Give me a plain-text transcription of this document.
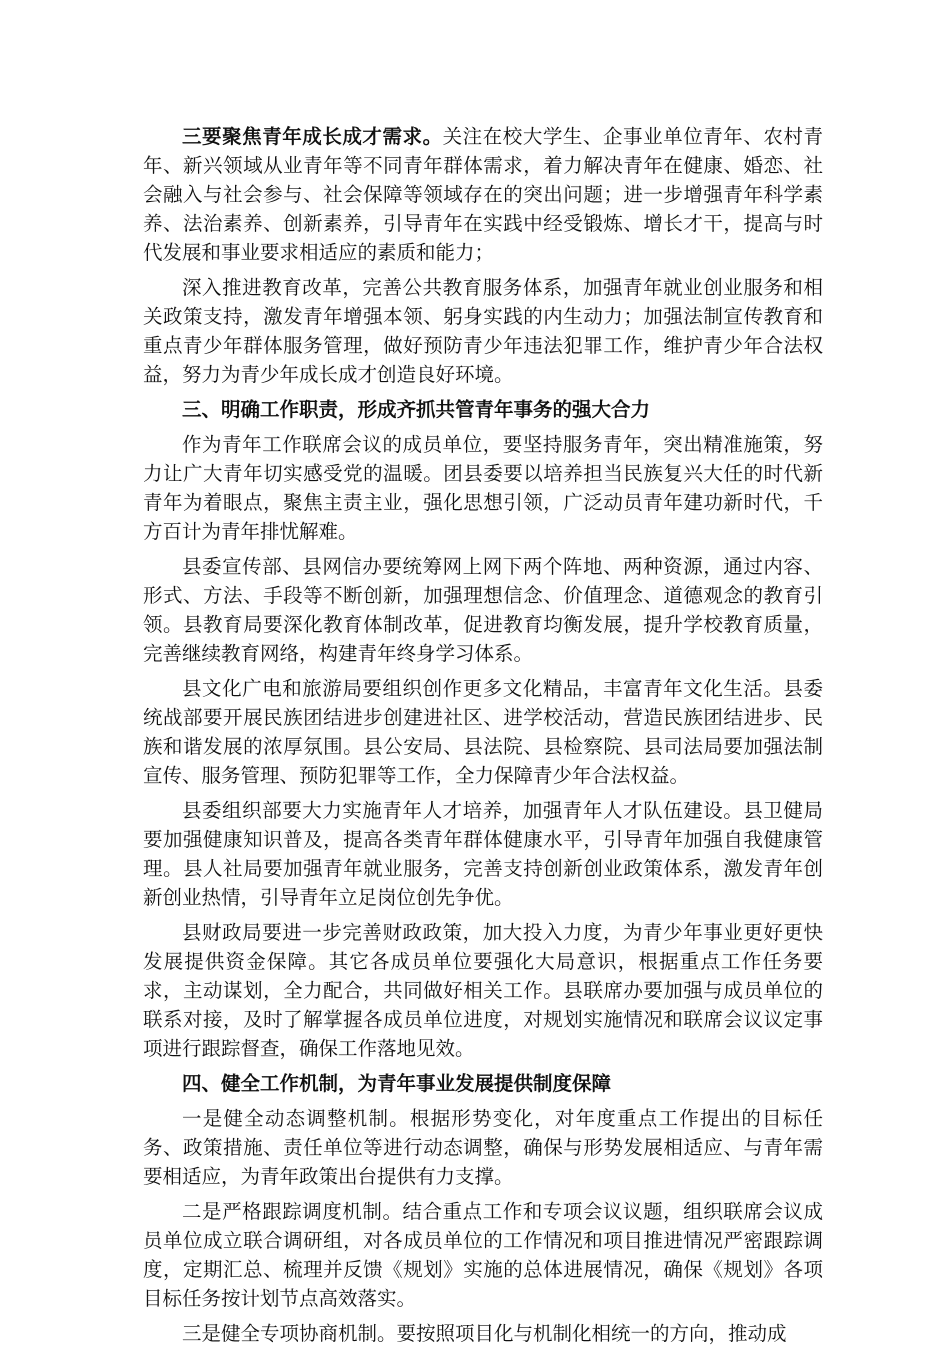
三要聚焦青年成长成才需求。关注在校大学生、企事业单位青年、农村青年、新兴领域从业青年等不同青年群体需求，着力解决青年在健康、婚恋、社会融入与社会参与、社会保障等领域存在的突出问题；进一步增强青年科学素养、法治素养、创新素养，引导青年在实践中经受锻炼、增长才干，提高与时代发展和事业要求相适应的素质和能力；

深入推进教育改革，完善公共教育服务体系，加强青年就业创业服务和相关政策支持，激发青年增强本领、躬身实践的内生动力；加强法制宣传教育和重点青少年群体服务管理，做好预防青少年违法犯罪工作，维护青少年合法权益，努力为青少年成长成才创造良好环境。

三、明确工作职责，形成齐抓共管青年事务的强大合力

作为青年工作联席会议的成员单位，要坚持服务青年，突出精准施策，努力让广大青年切实感受党的温暖。团县委要以培养担当民族复兴大任的时代新青年为着眼点，聚焦主责主业，强化思想引领，广泛动员青年建功新时代，千方百计为青年排忧解难。

县委宣传部、县网信办要统筹网上网下两个阵地、两种资源，通过内容、形式、方法、手段等不断创新，加强理想信念、价值理念、道德观念的教育引领。县教育局要深化教育体制改革，促进教育均衡发展，提升学校教育质量，完善继续教育网络，构建青年终身学习体系。

县文化广电和旅游局要组织创作更多文化精品，丰富青年文化生活。县委统战部要开展民族团结进步创建进社区、进学校活动，营造民族团结进步、民族和谐发展的浓厚氛围。县公安局、县法院、县检察院、县司法局要加强法制宣传、服务管理、预防犯罪等工作，全力保障青少年合法权益。

县委组织部要大力实施青年人才培养，加强青年人才队伍建设。县卫健局要加强健康知识普及，提高各类青年群体健康水平，引导青年加强自我健康管理。县人社局要加强青年就业服务，完善支持创新创业政策体系，激发青年创新创业热情，引导青年立足岗位创先争优。

县财政局要进一步完善财政政策，加大投入力度，为青少年事业更好更快发展提供资金保障。其它各成员单位要强化大局意识，根据重点工作任务要求，主动谋划，全力配合，共同做好相关工作。县联席办要加强与成员单位的联系对接，及时了解掌握各成员单位进度，对规划实施情况和联席会议议定事项进行跟踪督查，确保工作落地见效。

四、健全工作机制，为青年事业发展提供制度保障

一是健全动态调整机制。根据形势变化，对年度重点工作提出的目标任务、政策措施、责任单位等进行动态调整，确保与形势发展相适应、与青年需要相适应，为青年政策出台提供有力支撑。

二是严格跟踪调度机制。结合重点工作和专项会议议题，组织联席会议成员单位成立联合调研组，对各成员单位的工作情况和项目推进情况严密跟踪调度，定期汇总、梳理并反馈《规划》实施的总体进展情况，确保《规划》各项目标任务按计划节点高效落实。

三是健全专项协商机制。要按照项目化与机制化相统一的方向，推动成
